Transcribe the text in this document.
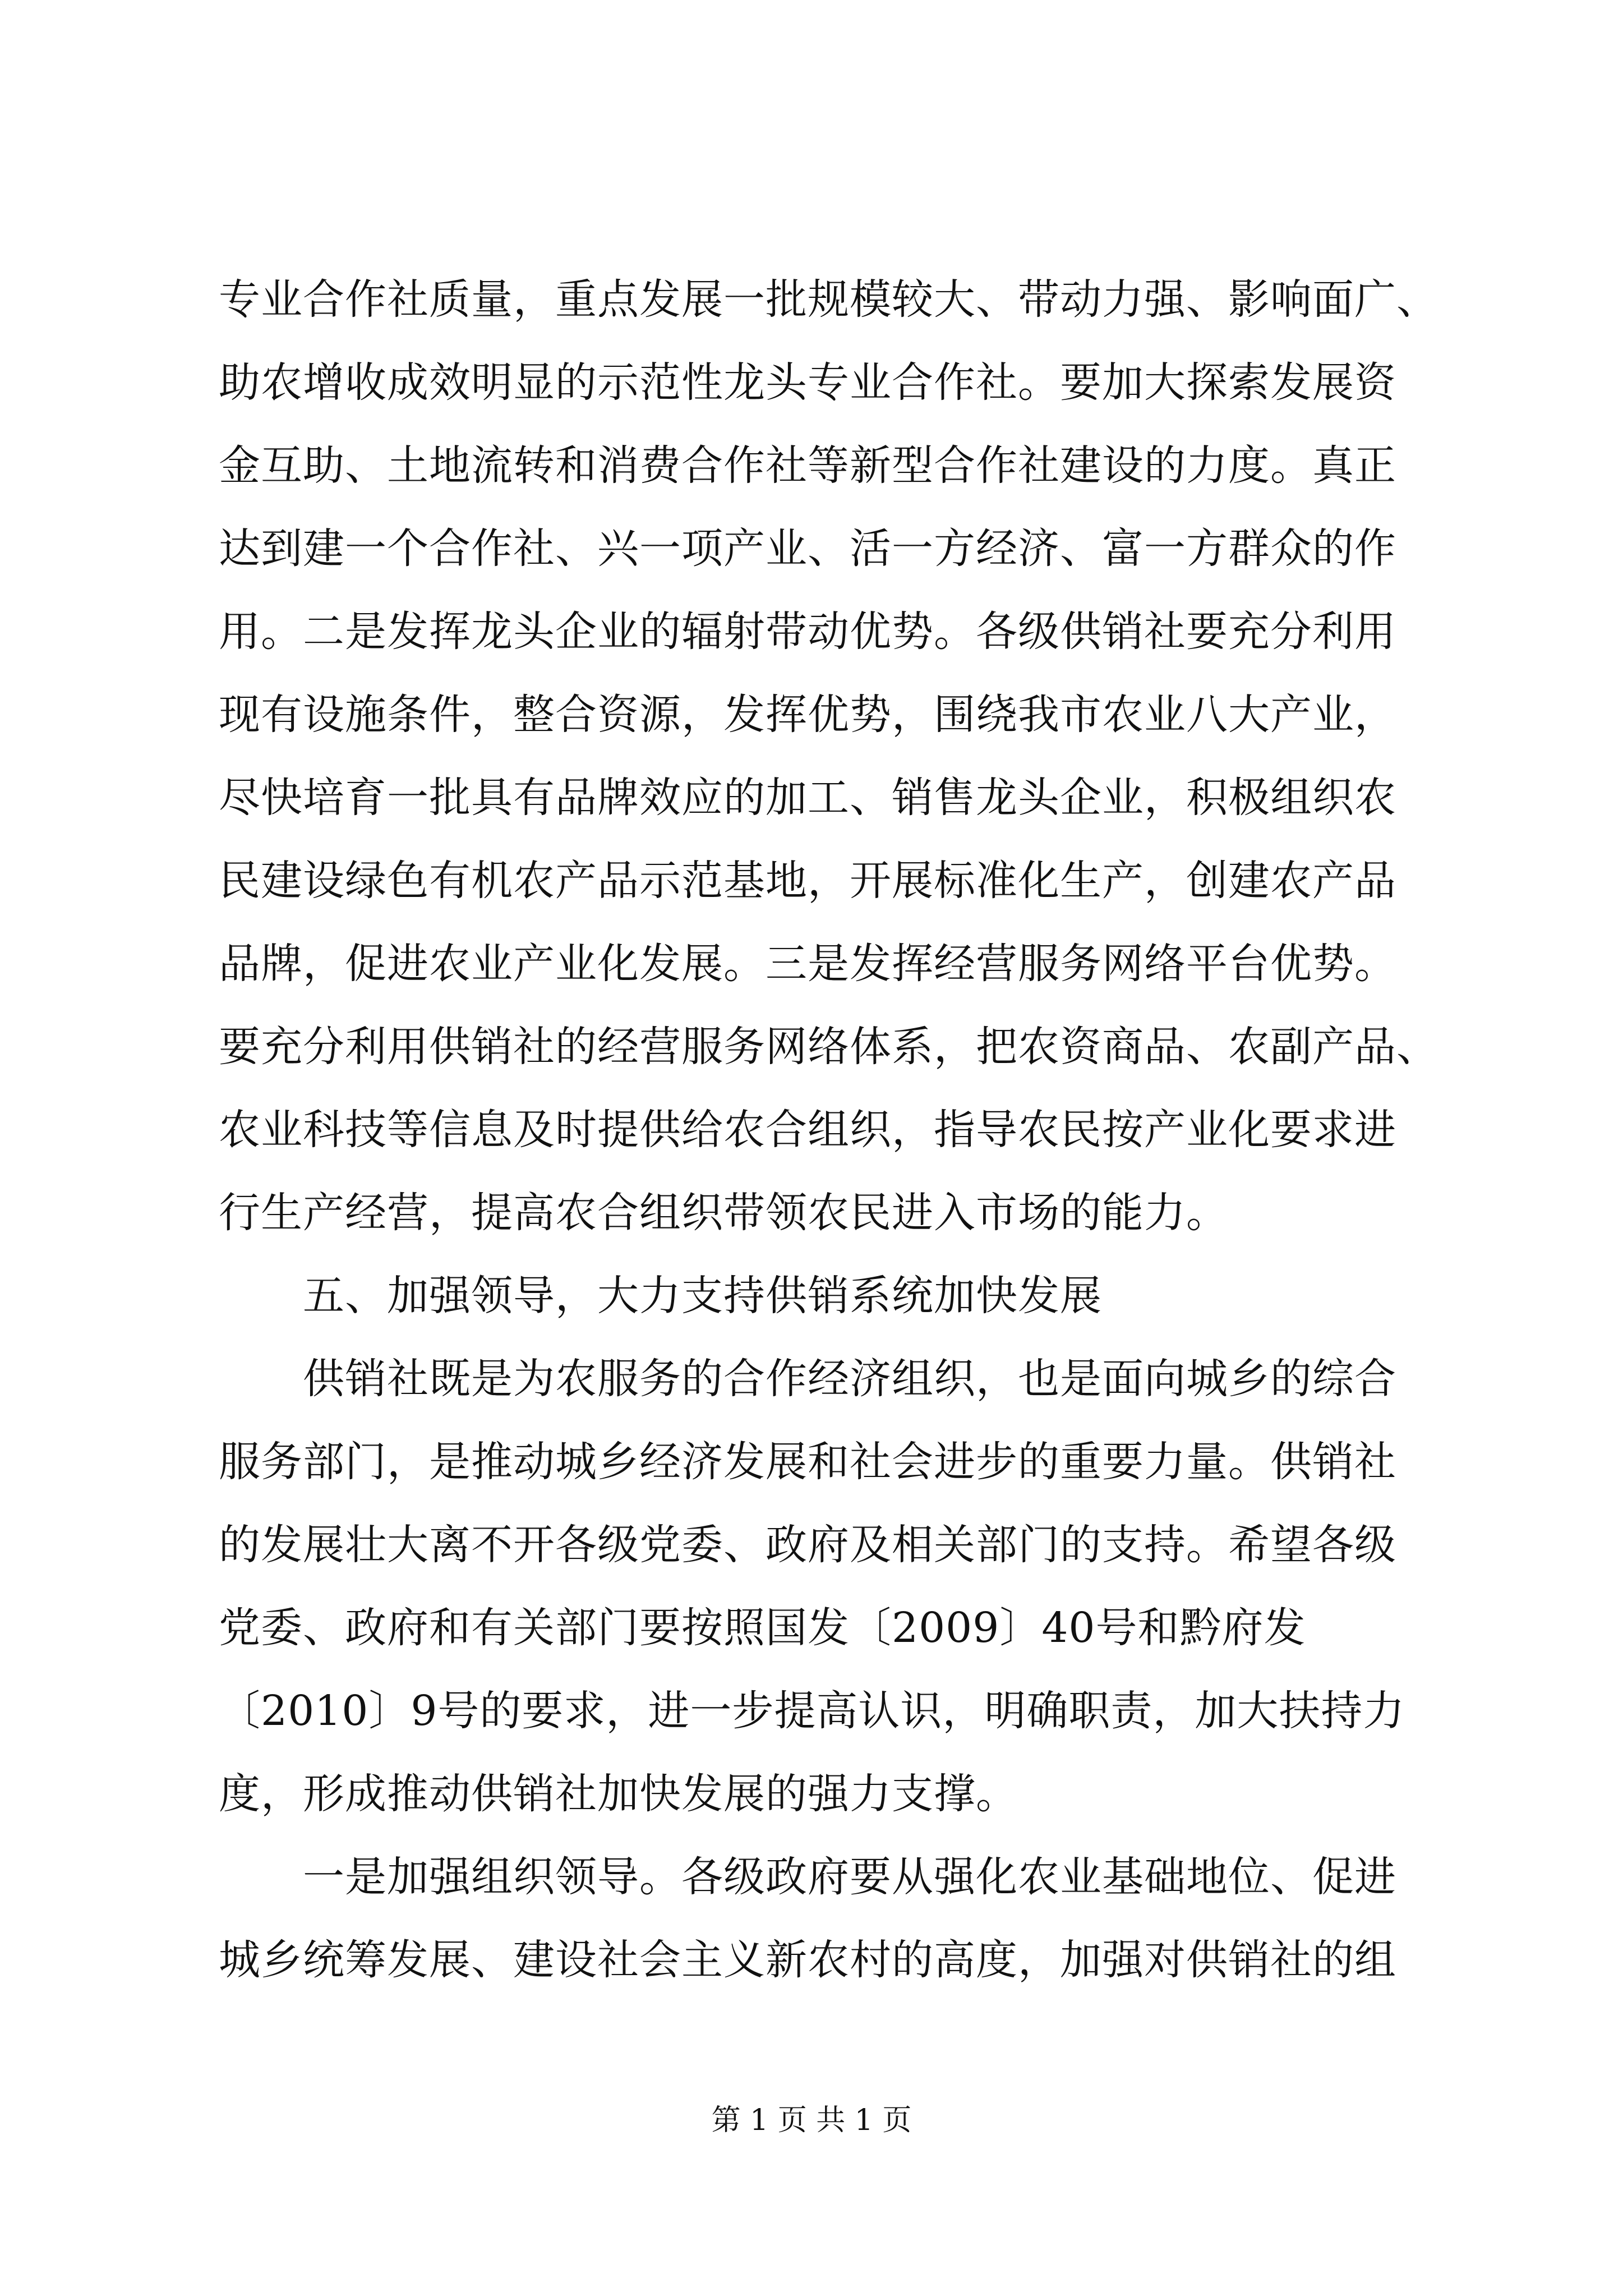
专业合作社质量，重点发展一批规模较大、带动力强、影响面广、
助农增收成效明显的示范性龙头专业合作社。要加大探索发展资
金互助、土地流转和消费合作社等新型合作社建设的力度。真正
达到建一个合作社、兴一项产业、活一方经济、富一方群众的作
用。二是发挥龙头企业的辐射带动优势。各级供销社要充分利用
现有设施条件，整合资源，发挥优势，围绕我市农业八大产业，
尽快培育一批具有品牌效应的加工、销售龙头企业，积极组织农
民建设绿色有机农产品示范基地，开展标准化生产，创建农产品
品牌，促进农业产业化发展。三是发挥经营服务网络平台优势。
要充分利用供销社的经营服务网络体系，把农资商品、农副产品、
农业科技等信息及时提供给农合组织，指导农民按产业化要求进
行生产经营，提高农合组织带领农民进入市场的能力。
五、加强领导，大力支持供销系统加快发展
供销社既是为农服务的合作经济组织，也是面向城乡的综合
服务部门，是推动城乡经济发展和社会进步的重要力量。供销社
的发展壮大离不开各级党委、政府及相关部门的支持。希望各级
党委、政府和有关部门要按照国发〔2009〕40号和黔府发
〔2010〕9号的要求，进一步提高认识，明确职责，加大扶持力
度，形成推动供销社加快发展的强力支撑。
一是加强组织领导。各级政府要从强化农业基础地位、促进
城乡统筹发展、建设社会主义新农村的高度，加强对供销社的组
第 1 页 共 1 页
